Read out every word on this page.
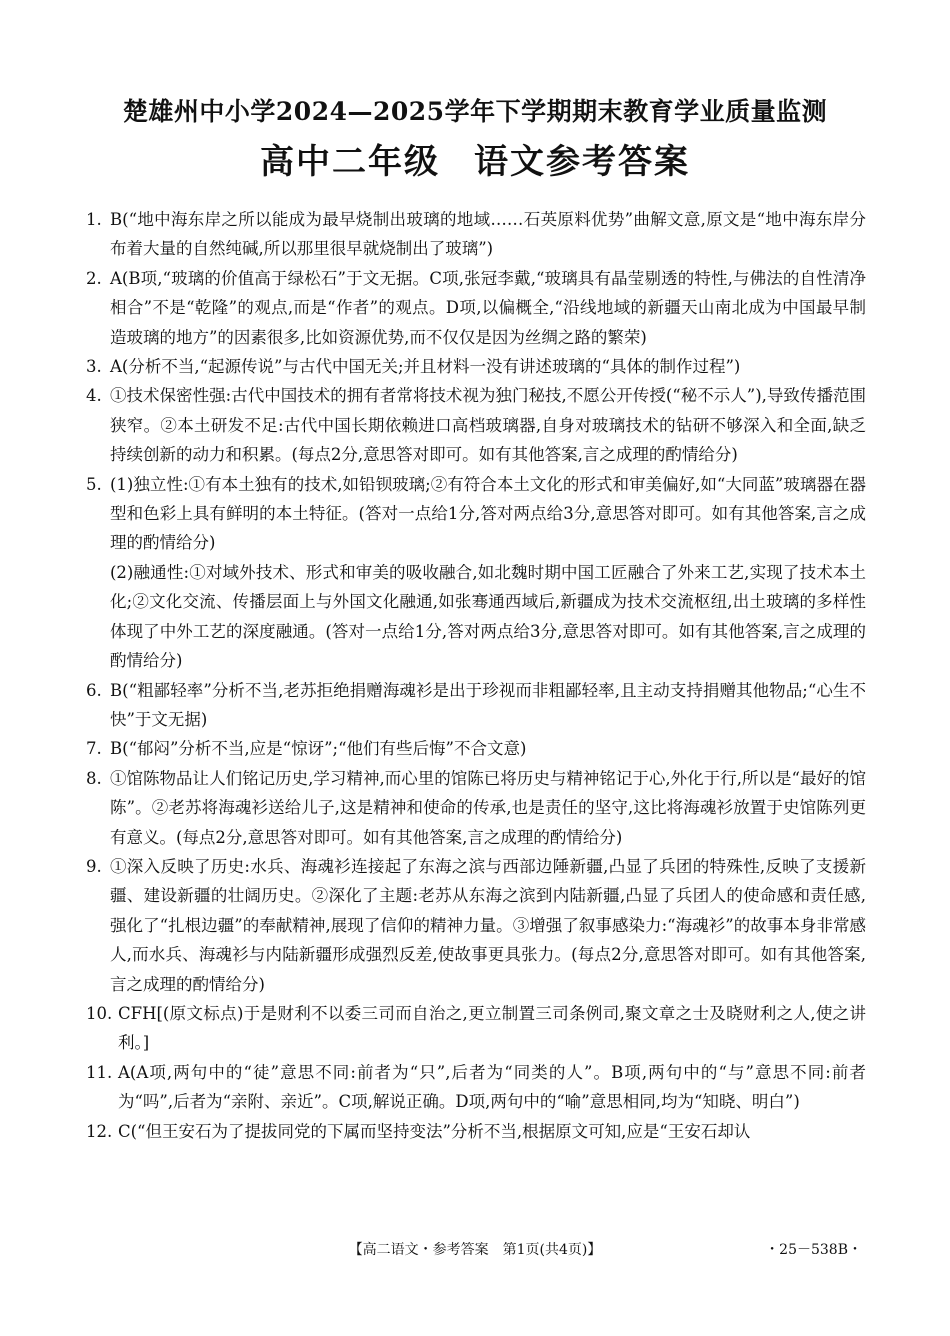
楚雄州中小学2024—2025学年下学期期末教育学业质量监测
高中二年级 语文参考答案
1. B(“地中海东岸之所以能成为最早烧制出玻璃的地域……石英原料优势”曲解文意,原文是“地中海东岸分布着大量的自然纯碱,所以那里很早就烧制出了玻璃”)
2. A(B项,“玻璃的价值高于绿松石”于文无据。C项,张冠李戴,“玻璃具有晶莹剔透的特性,与佛法的自性清净相合”不是“乾隆”的观点,而是“作者”的观点。D项,以偏概全,“沿线地域的新疆天山南北成为中国最早制造玻璃的地方”的因素很多,比如资源优势,而不仅仅是因为丝绸之路的繁荣)
3. A(分析不当,“起源传说”与古代中国无关;并且材料一没有讲述玻璃的“具体的制作过程”)
4. ①技术保密性强:古代中国技术的拥有者常将技术视为独门秘技,不愿公开传授(“秘不示人”),导致传播范围狭窄。②本土研发不足:古代中国长期依赖进口高档玻璃器,自身对玻璃技术的钻研不够深入和全面,缺乏持续创新的动力和积累。(每点2分,意思答对即可。如有其他答案,言之成理的酌情给分)
5. (1)独立性:①有本土独有的技术,如铅钡玻璃;②有符合本土文化的形式和审美偏好,如“大同蓝”玻璃器在器型和色彩上具有鲜明的本土特征。(答对一点给1分,答对两点给3分,意思答对即可。如有其他答案,言之成理的酌情给分)
(2)融通性:①对域外技术、形式和审美的吸收融合,如北魏时期中国工匠融合了外来工艺,实现了技术本土化;②文化交流、传播层面上与外国文化融通,如张骞通西域后,新疆成为技术交流枢纽,出土玻璃的多样性体现了中外工艺的深度融通。(答对一点给1分,答对两点给3分,意思答对即可。如有其他答案,言之成理的酌情给分)
6. B(“粗鄙轻率”分析不当,老苏拒绝捐赠海魂衫是出于珍视而非粗鄙轻率,且主动支持捐赠其他物品;“心生不快”于文无据)
7. B(“郁闷”分析不当,应是“惊讶”;“他们有些后悔”不合文意)
8. ①馆陈物品让人们铭记历史,学习精神,而心里的馆陈已将历史与精神铭记于心,外化于行,所以是“最好的馆陈”。②老苏将海魂衫送给儿子,这是精神和使命的传承,也是责任的坚守,这比将海魂衫放置于史馆陈列更有意义。(每点2分,意思答对即可。如有其他答案,言之成理的酌情给分)
9. ①深入反映了历史:水兵、海魂衫连接起了东海之滨与西部边陲新疆,凸显了兵团的特殊性,反映了支援新疆、建设新疆的壮阔历史。②深化了主题:老苏从东海之滨到内陆新疆,凸显了兵团人的使命感和责任感,强化了“扎根边疆”的奉献精神,展现了信仰的精神力量。③增强了叙事感染力:“海魂衫”的故事本身非常感人,而水兵、海魂衫与内陆新疆形成强烈反差,使故事更具张力。(每点2分,意思答对即可。如有其他答案,言之成理的酌情给分)
10. CFH[(原文标点)于是财利不以委三司而自治之,更立制置三司条例司,聚文章之士及晓财利之人,使之讲利。]
11. A(A项,两句中的“徒”意思不同:前者为“只”,后者为“同类的人”。B项,两句中的“与”意思不同:前者为“吗”,后者为“亲附、亲近”。C项,解说正确。D项,两句中的“喻”意思相同,均为“知晓、明白”)
12. C(“但王安石为了提拔同党的下属而坚持变法”分析不当,根据原文可知,应是“王安石却认
【高二语文・参考答案　第1页(共4页)】	・25－538B・
